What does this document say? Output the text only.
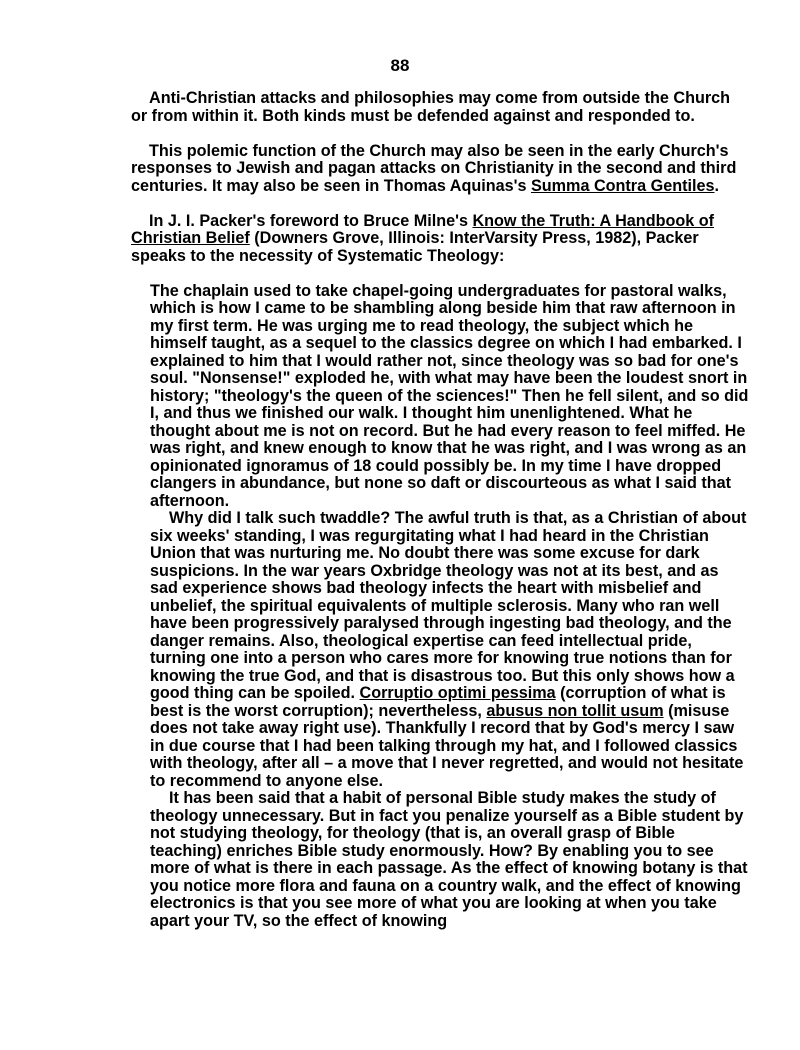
88

Anti-Christian attacks and philosophies may come from outside the Church or from within it. Both kinds must be defended against and responded to.

This polemic function of the Church may also be seen in the early Church's responses to Jewish and pagan attacks on Christianity in the second and third centuries. It may also be seen in Thomas Aquinas's Summa Contra Gentiles.

In J. I. Packer's foreword to Bruce Milne's Know the Truth: A Handbook of Christian Belief (Downers Grove, Illinois: InterVarsity Press, 1982), Packer speaks to the necessity of Systematic Theology:

The chaplain used to take chapel-going undergraduates for pastoral walks, which is how I came to be shambling along beside him that raw afternoon in my first term. He was urging me to read theology, the subject which he himself taught, as a sequel to the classics degree on which I had embarked. I explained to him that I would rather not, since theology was so bad for one's soul. "Nonsense!" exploded he, with what may have been the loudest snort in history; "theology's the queen of the sciences!" Then he fell silent, and so did I, and thus we finished our walk. I thought him unenlightened. What he thought about me is not on record. But he had every reason to feel miffed. He was right, and knew enough to know that he was right, and I was wrong as an opinionated ignoramus of 18 could possibly be. In my time I have dropped clangers in abundance, but none so daft or discourteous as what I said that afternoon.

Why did I talk such twaddle? The awful truth is that, as a Christian of about six weeks' standing, I was regurgitating what I had heard in the Christian Union that was nurturing me. No doubt there was some excuse for dark suspicions. In the war years Oxbridge theology was not at its best, and as sad experience shows bad theology infects the heart with misbelief and unbelief, the spiritual equivalents of multiple sclerosis. Many who ran well have been progressively paralysed through ingesting bad theology, and the danger remains. Also, theological expertise can feed intellectual pride, turning one into a person who cares more for knowing true notions than for knowing the true God, and that is disastrous too. But this only shows how a good thing can be spoiled. Corruptio optimi pessima (corruption of what is best is the worst corruption); nevertheless, abusus non tollit usum (misuse does not take away right use). Thankfully I record that by God's mercy I saw in due course that I had been talking through my hat, and I followed classics with theology, after all – a move that I never regretted, and would not hesitate to recommend to anyone else.

It has been said that a habit of personal Bible study makes the study of theology unnecessary. But in fact you penalize yourself as a Bible student by not studying theology, for theology (that is, an overall grasp of Bible teaching) enriches Bible study enormously. How? By enabling you to see more of what is there in each passage. As the effect of knowing botany is that you notice more flora and fauna on a country walk, and the effect of knowing electronics is that you see more of what you are looking at when you take apart your TV, so the effect of knowing
